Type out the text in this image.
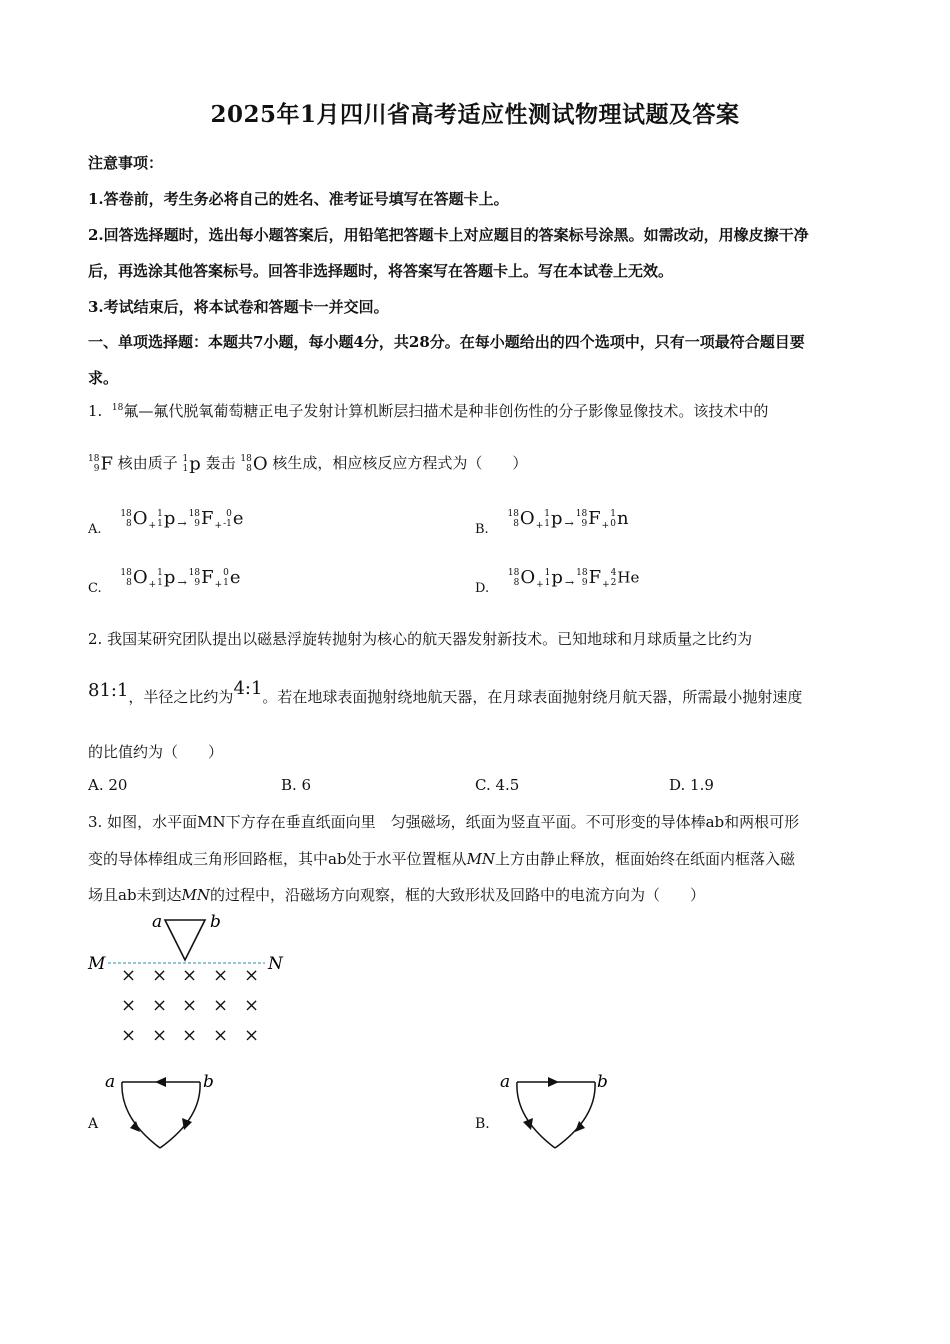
2025年1月四川省高考适应性测试物理试题及答案
注意事项：
1.答卷前，考生务必将自己的姓名、准考证号填写在答题卡上。
2.回答选择题时，选出每小题答案后，用铅笔把答题卡上对应题目的答案标号涂黑。如需改动，用橡皮擦干净
后，再选涂其他答案标号。回答非选择题时，将答案写在答题卡上。写在本试卷上无效。
3.考试结束后，将本试卷和答题卡一并交回。
一、单项选择题：本题共7小题，每小题4分，共28分。在每小题给出的四个选项中，只有一项最符合题目要
求。
1. $^{18}$氟—氟代脱氧葡萄糖正电子发射计算机断层扫描术是种非创伤性的分子影像显像技术。该技术中的
18
9 F 核由质子 1
1 p 轰击 18
8 O 核生成，相应核反应方程式为（　　）
A.
18
8 $O_+$
1
1 p $_\to$
18
9 $F_+$
0
-1 e	B.
18
8 $O_+$
1
1 p $_\to$
18
9 $F_+$
1
0 n
C.
18
8 $O_+$
1
1 p $_\to$
18
9 $F_+$
0
1 e	D.
18
8 $O_+$
1
1 p $_\to$
18
9 $F_+$
4
2 He
2. 我国某研究团队提出以磁悬浮旋转抛射为核心的航天器发射新技术。已知地球和月球质量之比约为
81:1，半径之比约为4:1。若在地球表面抛射绕地航天器，在月球表面抛射绕月航天器，所需最小抛射速度
的比值约为（　　）
A. 20	B. 6	C. 4.5	D. 1.9
3. 如图，水平面MN下方存在垂直纸面向里　匀强磁场，纸面为竖直平面。不可形变的导体棒ab和两根可形
变的导体棒组成三角形回路框，其中ab处于水平位置框从MN上方由静止释放，框面始终在纸面内框落入磁
场且ab未到达MN的过程中，沿磁场方向观察，框的大致形状及回路中的电流方向为（　　）
a	b
M	N
× × × × ×
× × × × ×
× × × × ×
A
a	b
B.
a	b
